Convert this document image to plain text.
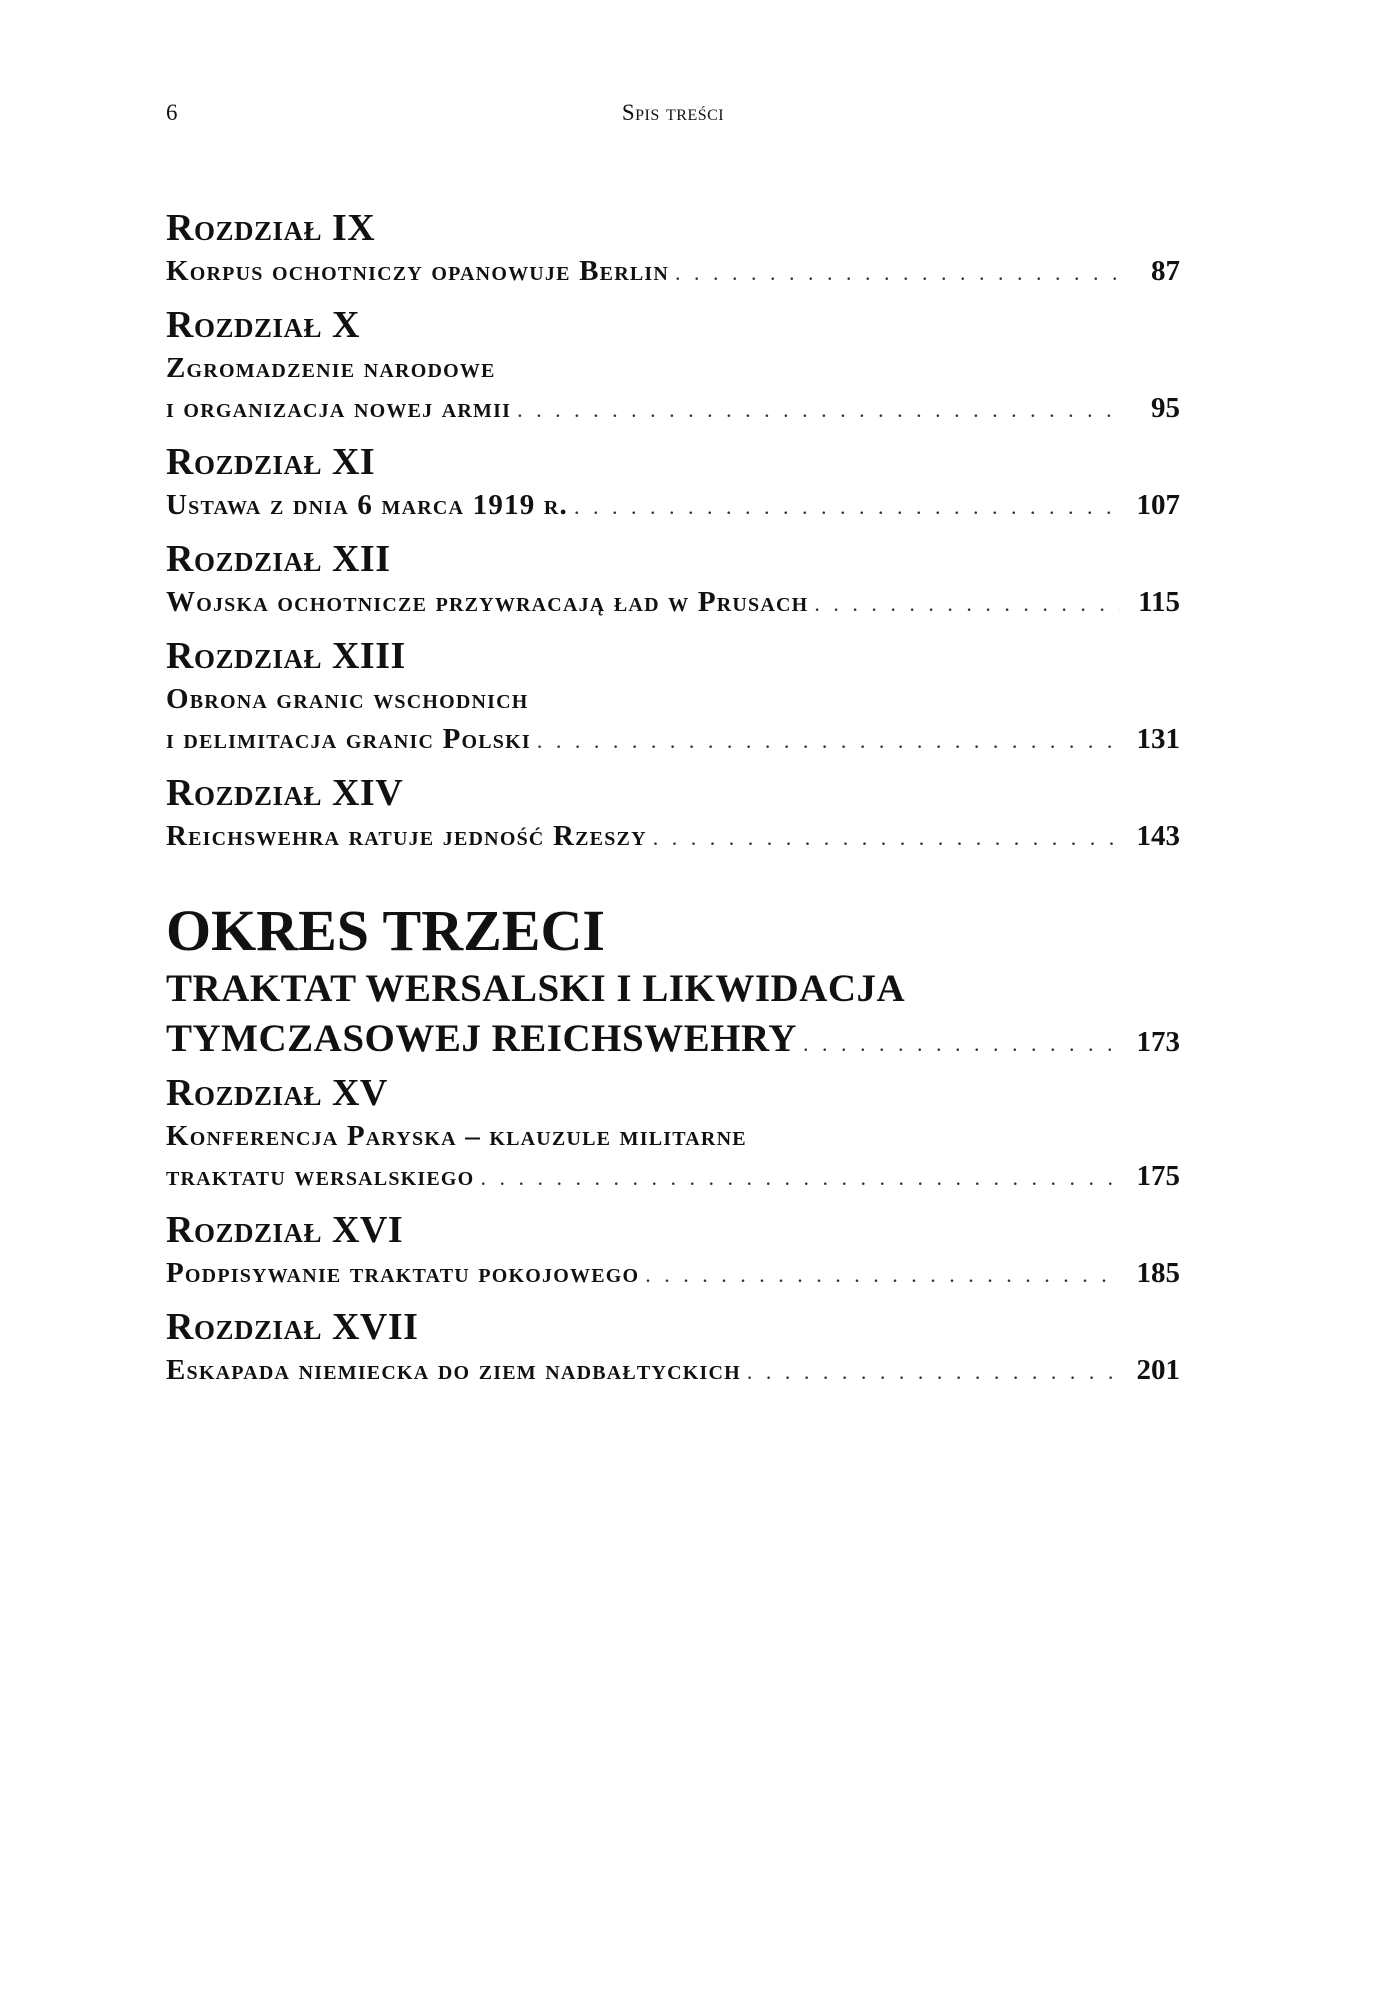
6	Spis treści
Rozdział IX
Korpus ochotniczy opanowuje Berlin . . .	87
Rozdział X
Zgromadzenie narodowe
i organizacja nowej armii . . .	95
Rozdział XI
Ustawa z dnia 6 marca 1919 r. . . .	107
Rozdział XII
Wojska ochotnicze przywracają ład w Prusach . . .	115
Rozdział XIII
Obrona granic wschodnich
i delimitacja granic Polski . . .	131
Rozdział XIV
Reichswehra ratuje jedność Rzeszy . . .	143
OKRES TRZECI
TRAKTAT WERSALSKI I LIKWIDACJA
TYMCZASOWEJ REICHSWEHRY . . .	173
Rozdział XV
Konferencja Paryska – klauzule militarne
traktatu wersalskiego . . .	175
Rozdział XVI
Podpisywanie traktatu pokojowego . . .	185
Rozdział XVII
Eskapada niemiecka do ziem nadbałtyckich . . .	201
